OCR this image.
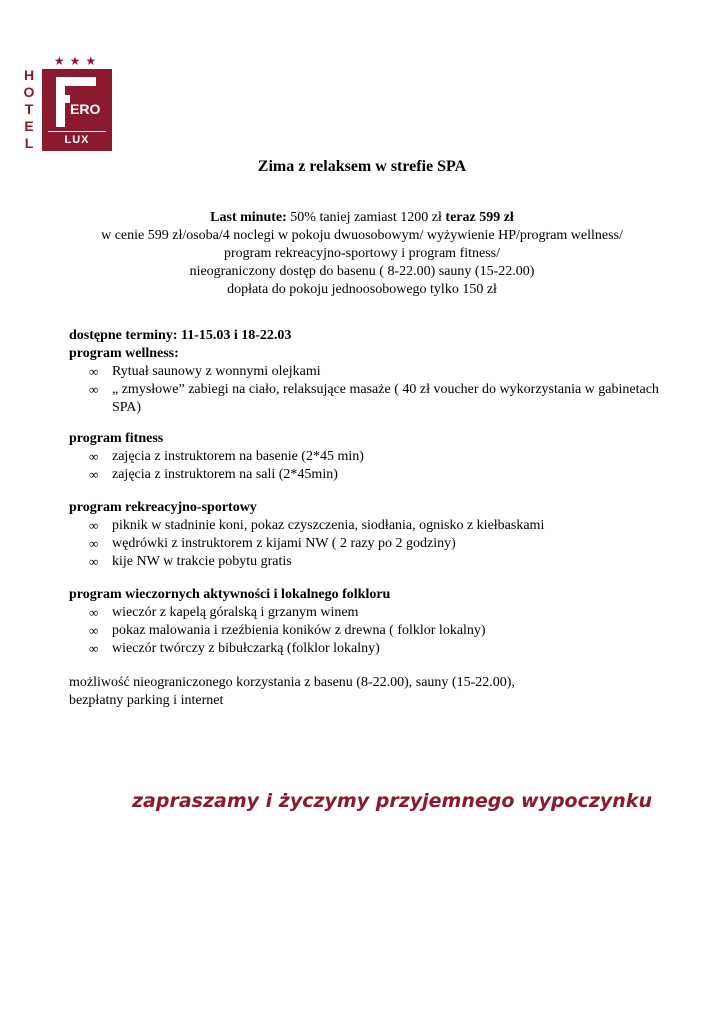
★★★
H
O
T
E
L
ERO
LUX
Zima z relaksem w strefie SPA
Last minute: 50% taniej zamiast 1200 zł teraz 599 zł
w cenie 599 zł/osoba/4 noclegi w pokoju dwuosobowym/ wyżywienie HP/program wellness/
program rekreacyjno-sportowy i program fitness/
nieograniczony dostęp do basenu ( 8-22.00) sauny (15-22.00)
dopłata do pokoju jednoosobowego tylko 150 zł
dostępne terminy: 11-15.03 i 18-22.03
program wellness:
∞ Rytuał saunowy z wonnymi olejkami
∞ „ zmysłowe” zabiegi na ciało, relaksujące masaże ( 40 zł voucher do wykorzystania w gabinetach SPA)
program fitness
∞ zajęcia z instruktorem na basenie (2*45 min)
∞ zajęcia z instruktorem na sali (2*45min)
program rekreacyjno-sportowy
∞ piknik w stadninie koni, pokaz czyszczenia, siodłania, ognisko z kiełbaskami
∞ wędrówki z instruktorem z kijami NW ( 2 razy po 2 godziny)
∞ kije NW w trakcie pobytu gratis
program wieczornych aktywności i lokalnego folkloru
∞ wieczór z kapelą góralską i grzanym winem
∞ pokaz malowania i rzeźbienia koników z drewna ( folklor lokalny)
∞ wieczór twórczy z bibułczarką (folklor lokalny)
możliwość nieograniczonego korzystania z basenu (8-22.00), sauny (15-22.00),
bezpłatny parking i internet
zapraszamy i życzymy przyjemnego wypoczynku
